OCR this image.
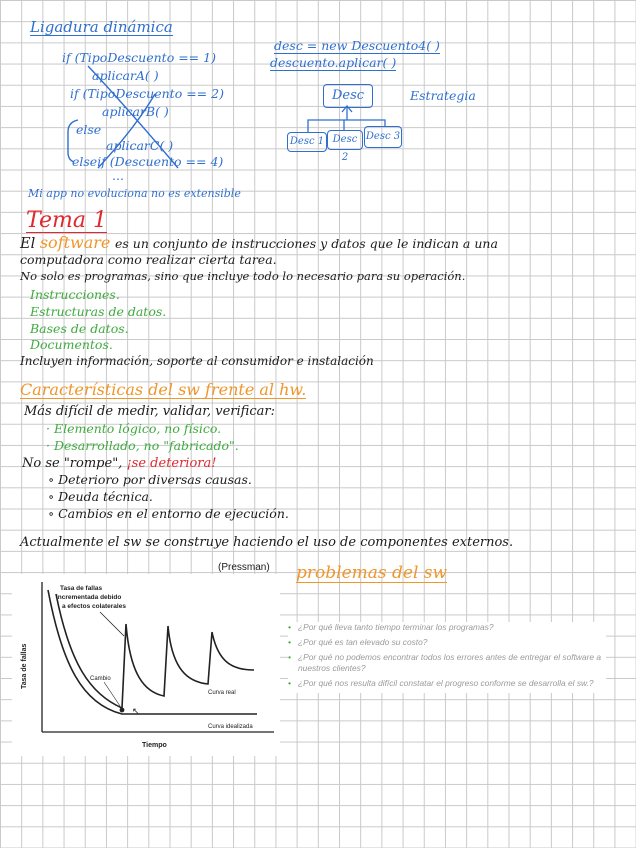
Ligadura dinámica
if (TipoDescuento == 1)
aplicarA( )
if (TipoDescuento == 2)
aplicarB( )
else
aplicarC( )
elseif (Descuento == 4)
...
desc = new Descuento4( )
descuento.aplicar( )
Desc
Desc 1 Desc 2
Desc 3
Estrategia
Mi app no evoluciona no es extensible
Tema 1
El software es un conjunto de instrucciones y datos que le indican a una
computadora como realizar cierta tarea.
No solo es programas, sino que incluye todo lo necesario para su operación.
Instrucciones.
Estructuras de datos.
Bases de datos.
Documentos.
Incluyen información, soporte al consumidor e instalación
Características del sw frente al hw.
Más difícil de medir, validar, verificar:
· Elemento lógico, no físico.
· Desarrollado, no "fabricado".
No se "rompe", ¡se deteriora!
∘ Deterioro por diversas causas.
∘ Deuda técnica.
∘ Cambios en el entorno de ejecución.
Actualmente el sw se construye haciendo el uso de componentes externos.
(Pressman)
↖
Tasa de fallas
Tiempo
Tasa de fallas
incrementada debido
a efectos colaterales
Cambio
Curva real
Curva idealizada
problemas del sw
• ¿Por qué lleva tanto tiempo terminar los programas?
• ¿Por qué es tan elevado su costo?
• ¿Por qué no podemos encontrar todos los errores antes de entregar el software a nuestros clientes?
• ¿Por qué nos resulta difícil constatar el progreso conforme se desarrolla el sw.?
